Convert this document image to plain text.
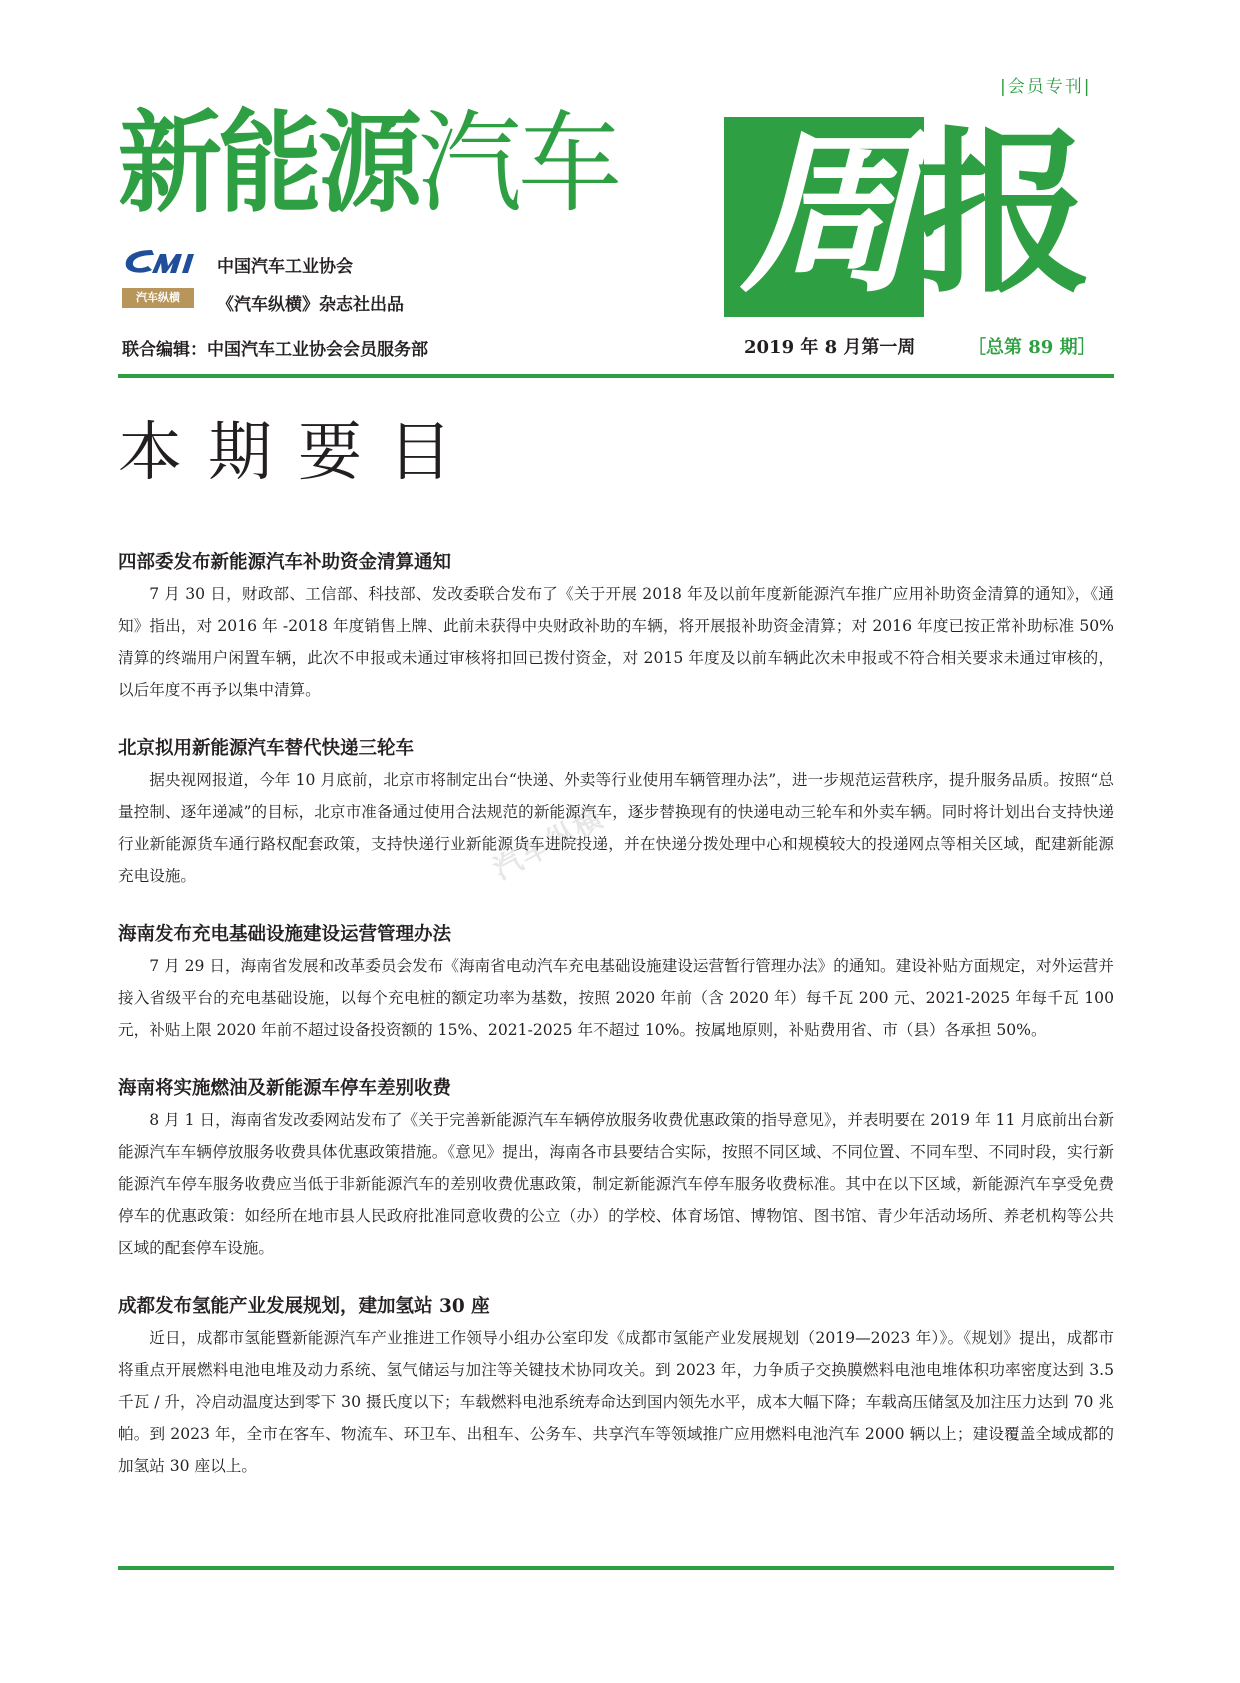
|会员专刊|
新能源汽车 周 报
中国汽车工业协会
汽车纵横	《汽车纵横》杂志社出品
联合编辑：中国汽车工业协会会员服务部	2019 年 8 月第一周	［总第 89 期］
本期要目
汽车纵横
四部委发布新能源汽车补助资金清算通知

7 月 30 日，财政部、工信部、科技部、发改委联合发布了《关于开展 2018 年及以前年度新能源汽车推广应用补助资金清算的通知》，《通知》指出，对 2016 年 -2018 年度销售上牌、此前未获得中央财政补助的车辆，将开展报补助资金清算；对 2016 年度已按正常补助标准 50% 清算的终端用户闲置车辆，此次不申报或未通过审核将扣回已拨付资金，对 2015 年度及以前车辆此次未申报或不符合相关要求未通过审核的，以后年度不再予以集中清算。

北京拟用新能源汽车替代快递三轮车

据央视网报道，今年 10 月底前，北京市将制定出台“快递、外卖等行业使用车辆管理办法”，进一步规范运营秩序，提升服务品质。按照“总量控制、逐年递减”的目标，北京市准备通过使用合法规范的新能源汽车，逐步替换现有的快递电动三轮车和外卖车辆。同时将计划出台支持快递行业新能源货车通行路权配套政策，支持快递行业新能源货车进院投递，并在快递分拨处理中心和规模较大的投递网点等相关区域，配建新能源充电设施。

海南发布充电基础设施建设运营管理办法

7 月 29 日，海南省发展和改革委员会发布《海南省电动汽车充电基础设施建设运营暂行管理办法》的通知。建设补贴方面规定，对外运营并接入省级平台的充电基础设施，以每个充电桩的额定功率为基数，按照 2020 年前（含 2020 年）每千瓦 200 元、2021-2025 年每千瓦 100 元，补贴上限 2020 年前不超过设备投资额的 15%、2021-2025 年不超过 10%。按属地原则，补贴费用省、市（县）各承担 50%。

海南将实施燃油及新能源车停车差别收费

8 月 1 日，海南省发改委网站发布了《关于完善新能源汽车车辆停放服务收费优惠政策的指导意见》，并表明要在 2019 年 11 月底前出台新能源汽车车辆停放服务收费具体优惠政策措施。《意见》提出，海南各市县要结合实际，按照不同区域、不同位置、不同车型、不同时段，实行新能源汽车停车服务收费应当低于非新能源汽车的差别收费优惠政策，制定新能源汽车停车服务收费标准。其中在以下区域，新能源汽车享受免费停车的优惠政策：如经所在地市县人民政府批准同意收费的公立（办）的学校、体育场馆、博物馆、图书馆、青少年活动场所、养老机构等公共区域的配套停车设施。

成都发布氢能产业发展规划，建加氢站 30 座

近日，成都市氢能暨新能源汽车产业推进工作领导小组办公室印发《成都市氢能产业发展规划（2019—2023 年）》。《规划》提出，成都市将重点开展燃料电池电堆及动力系统、氢气储运与加注等关键技术协同攻关。到 2023 年，力争质子交换膜燃料电池电堆体积功率密度达到 3.5 千瓦 / 升，冷启动温度达到零下 30 摄氏度以下；车载燃料电池系统寿命达到国内领先水平，成本大幅下降；车载高压储氢及加注压力达到 70 兆帕。到 2023 年，全市在客车、物流车、环卫车、出租车、公务车、共享汽车等领域推广应用燃料电池汽车 2000 辆以上；建设覆盖全域成都的加氢站 30 座以上。
